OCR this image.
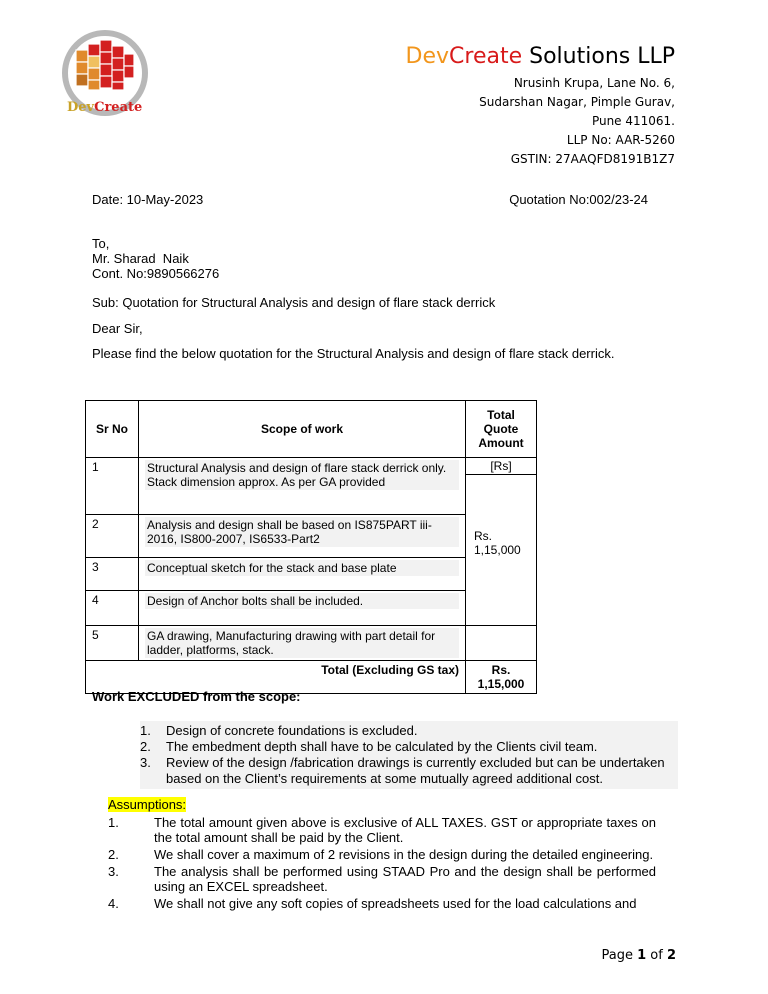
DevCreate
DevCreate Solutions LLP
Nrusinh Krupa, Lane No. 6,
Sudarshan Nagar, Pimple Gurav,
Pune 411061.
LLP No: AAR-5260
GSTIN: 27AAQFD8191B1Z7
Date: 10-May-2023	Quotation No:002/23-24
To,
Mr. Sharad  Naik
Cont. No:9890566276
Sub: Quotation for Structural Analysis and design of flare stack derrick
Dear Sir,
Please find the below quotation for the Structural Analysis and design of flare stack derrick.
Sr No	Scope of work	Total Quote Amount

1	Structural Analysis and design of flare stack derrick only. Stack dimension approx. As per GA provided	[Rs]
Rs. 1,15,000

2	Analysis and design shall be based on IS875PART iii-2016, IS800-2007, IS6533-Part2	

3	Conceptual sketch for the stack and base plate	

4	Design of Anchor bolts shall be included.	

5	GA drawing, Manufacturing drawing with part detail for ladder, platforms, stack.	

Total (Excluding GS tax)		Rs. 1,15,000
Work EXCLUDED from the scope:
1.	Design of concrete foundations is excluded.
2.	The embedment depth shall have to be calculated by the Clients civil team.
3.	Review of the design /fabrication drawings is currently excluded but can be undertaken based on the Client’s requirements at some mutually agreed additional cost.
Assumptions:
1.	The total amount given above is exclusive of ALL TAXES. GST or appropriate taxes on the total amount shall be paid by the Client.
2.	We shall cover a maximum of 2 revisions in the design during the detailed engineering.
3.	The analysis shall be performed using STAAD Pro and the design shall be performed using an EXCEL spreadsheet.
4.	We shall not give any soft copies of spreadsheets used for the load calculations and
Page 1 of 2
